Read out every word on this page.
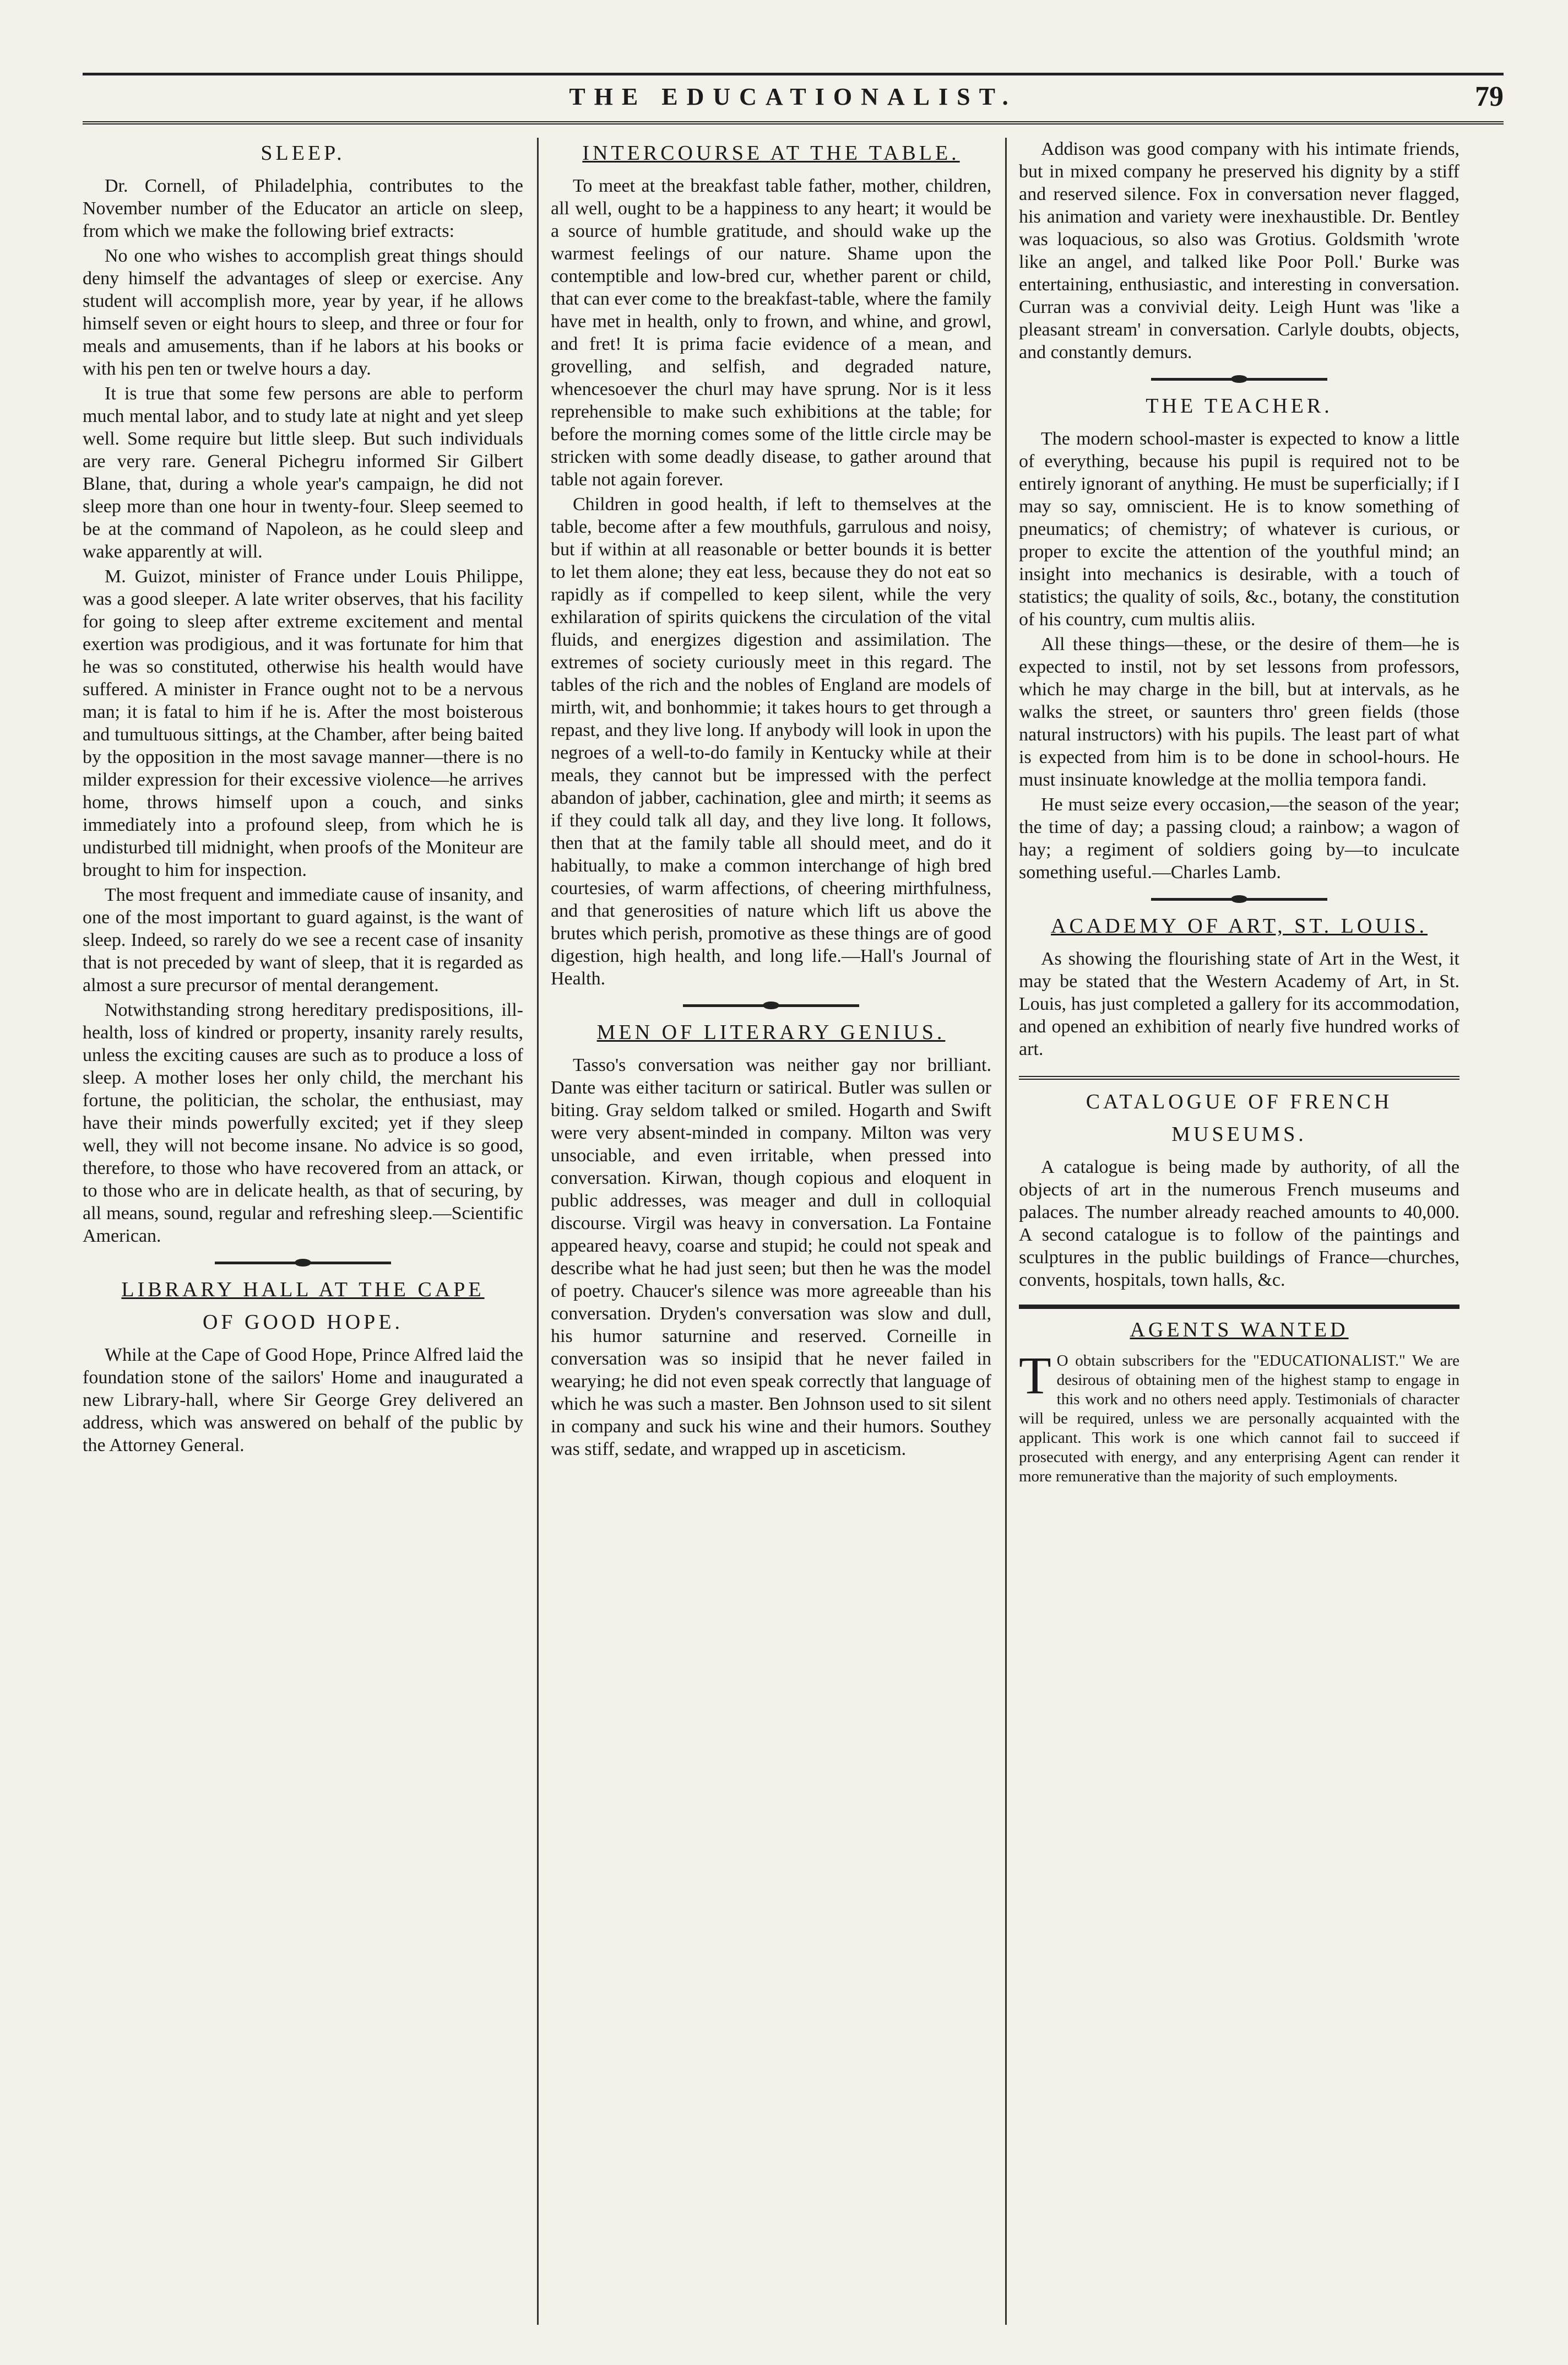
THE EDUCATIONALIST.	79
SLEEP.

Dr. Cornell, of Philadelphia, contributes to the November number of the Educator an article on sleep, from which we make the following brief extracts:

No one who wishes to accomplish great things should deny himself the advantages of sleep or exercise. Any student will accomplish more, year by year, if he allows himself seven or eight hours to sleep, and three or four for meals and amusements, than if he labors at his books or with his pen ten or twelve hours a day.

It is true that some few persons are able to perform much mental labor, and to study late at night and yet sleep well. Some require but little sleep. But such individuals are very rare. General Pichegru informed Sir Gilbert Blane, that, during a whole year's campaign, he did not sleep more than one hour in twenty-four. Sleep seemed to be at the command of Napoleon, as he could sleep and wake apparently at will.

M. Guizot, minister of France under Louis Philippe, was a good sleeper. A late writer observes, that his facility for going to sleep after extreme excitement and mental exertion was prodigious, and it was fortunate for him that he was so constituted, otherwise his health would have suffered. A minister in France ought not to be a nervous man; it is fatal to him if he is. After the most boisterous and tumultuous sittings, at the Chamber, after being baited by the opposition in the most savage manner—there is no milder expression for their excessive violence—he arrives home, throws himself upon a couch, and sinks immediately into a profound sleep, from which he is undisturbed till midnight, when proofs of the Moniteur are brought to him for inspection.

The most frequent and immediate cause of insanity, and one of the most important to guard against, is the want of sleep. Indeed, so rarely do we see a recent case of insanity that is not preceded by want of sleep, that it is regarded as almost a sure precursor of mental derangement.

Notwithstanding strong hereditary predispositions, ill-health, loss of kindred or property, insanity rarely results, unless the exciting causes are such as to produce a loss of sleep. A mother loses her only child, the merchant his fortune, the politician, the scholar, the enthusiast, may have their minds powerfully excited; yet if they sleep well, they will not become insane. No advice is so good, therefore, to those who have recovered from an attack, or to those who are in delicate health, as that of securing, by all means, sound, regular and refreshing sleep.—Scientific American.

LIBRARY HALL AT THE CAPE
OF GOOD HOPE.

While at the Cape of Good Hope, Prince Alfred laid the foundation stone of the sailors' Home and inaugurated a new Library-hall, where Sir George Grey delivered an address, which was answered on behalf of the public by the Attorney General.

INTERCOURSE AT THE TABLE.

To meet at the breakfast table father, mother, children, all well, ought to be a happiness to any heart; it would be a source of humble gratitude, and should wake up the warmest feelings of our nature. Shame upon the contemptible and low-bred cur, whether parent or child, that can ever come to the breakfast-table, where the family have met in health, only to frown, and whine, and growl, and fret! It is prima facie evidence of a mean, and grovelling, and selfish, and degraded nature, whencesoever the churl may have sprung. Nor is it less reprehensible to make such exhibitions at the table; for before the morning comes some of the little circle may be stricken with some deadly disease, to gather around that table not again forever.

Children in good health, if left to themselves at the table, become after a few mouthfuls, garrulous and noisy, but if within at all reasonable or better bounds it is better to let them alone; they eat less, because they do not eat so rapidly as if compelled to keep silent, while the very exhilaration of spirits quickens the circulation of the vital fluids, and energizes digestion and assimilation. The extremes of society curiously meet in this regard. The tables of the rich and the nobles of England are models of mirth, wit, and bonhommie; it takes hours to get through a repast, and they live long. If anybody will look in upon the negroes of a well-to-do family in Kentucky while at their meals, they cannot but be impressed with the perfect abandon of jabber, cachination, glee and mirth; it seems as if they could talk all day, and they live long. It follows, then that at the family table all should meet, and do it habitually, to make a common interchange of high bred courtesies, of warm affections, of cheering mirthfulness, and that generosities of nature which lift us above the brutes which perish, promotive as these things are of good digestion, high health, and long life.—Hall's Journal of Health.

MEN OF LITERARY GENIUS.

Tasso's conversation was neither gay nor brilliant. Dante was either taciturn or satirical. Butler was sullen or biting. Gray seldom talked or smiled. Hogarth and Swift were very absent-minded in company. Milton was very unsociable, and even irritable, when pressed into conversation. Kirwan, though copious and eloquent in public addresses, was meager and dull in colloquial discourse. Virgil was heavy in conversation. La Fontaine appeared heavy, coarse and stupid; he could not speak and describe what he had just seen; but then he was the model of poetry. Chaucer's silence was more agreeable than his conversation. Dryden's conversation was slow and dull, his humor saturnine and reserved. Corneille in conversation was so insipid that he never failed in wearying; he did not even speak correctly that language of which he was such a master. Ben Johnson used to sit silent in company and suck his wine and their humors. Southey was stiff, sedate, and wrapped up in asceticism.

Addison was good company with his intimate friends, but in mixed company he preserved his dignity by a stiff and reserved silence. Fox in conversation never flagged, his animation and variety were inexhaustible. Dr. Bentley was loquacious, so also was Grotius. Goldsmith 'wrote like an angel, and talked like Poor Poll.' Burke was entertaining, enthusiastic, and interesting in conversation. Curran was a convivial deity. Leigh Hunt was 'like a pleasant stream' in conversation. Carlyle doubts, objects, and constantly demurs.

THE TEACHER.

The modern school-master is expected to know a little of everything, because his pupil is required not to be entirely ignorant of anything. He must be superficially; if I may so say, omniscient. He is to know something of pneumatics; of chemistry; of whatever is curious, or proper to excite the attention of the youthful mind; an insight into mechanics is desirable, with a touch of statistics; the quality of soils, &c., botany, the constitution of his country, cum multis aliis.

All these things—these, or the desire of them—he is expected to instil, not by set lessons from professors, which he may charge in the bill, but at intervals, as he walks the street, or saunters thro' green fields (those natural instructors) with his pupils. The least part of what is expected from him is to be done in school-hours. He must insinuate knowledge at the mollia tempora fandi.

He must seize every occasion,—the season of the year; the time of day; a passing cloud; a rainbow; a wagon of hay; a regiment of soldiers going by—to inculcate something useful.—Charles Lamb.

ACADEMY OF ART, ST. LOUIS.

As showing the flourishing state of Art in the West, it may be stated that the Western Academy of Art, in St. Louis, has just completed a gallery for its accommodation, and opened an exhibition of nearly five hundred works of art.

CATALOGUE OF FRENCH
MUSEUMS.

A catalogue is being made by authority, of all the objects of art in the numerous French museums and palaces. The number already reached amounts to 40,000. A second catalogue is to follow of the paintings and sculptures in the public buildings of France—churches, convents, hospitals, town halls, &c.

AGENTS WANTED

T O obtain subscribers for the "EDUCATIONALIST." We are desirous of obtaining men of the highest stamp to engage in this work and no others need apply. Testimonials of character will be required, unless we are personally acquainted with the applicant. This work is one which cannot fail to succeed if prosecuted with energy, and any enterprising Agent can render it more remunerative than the majority of such employments.
